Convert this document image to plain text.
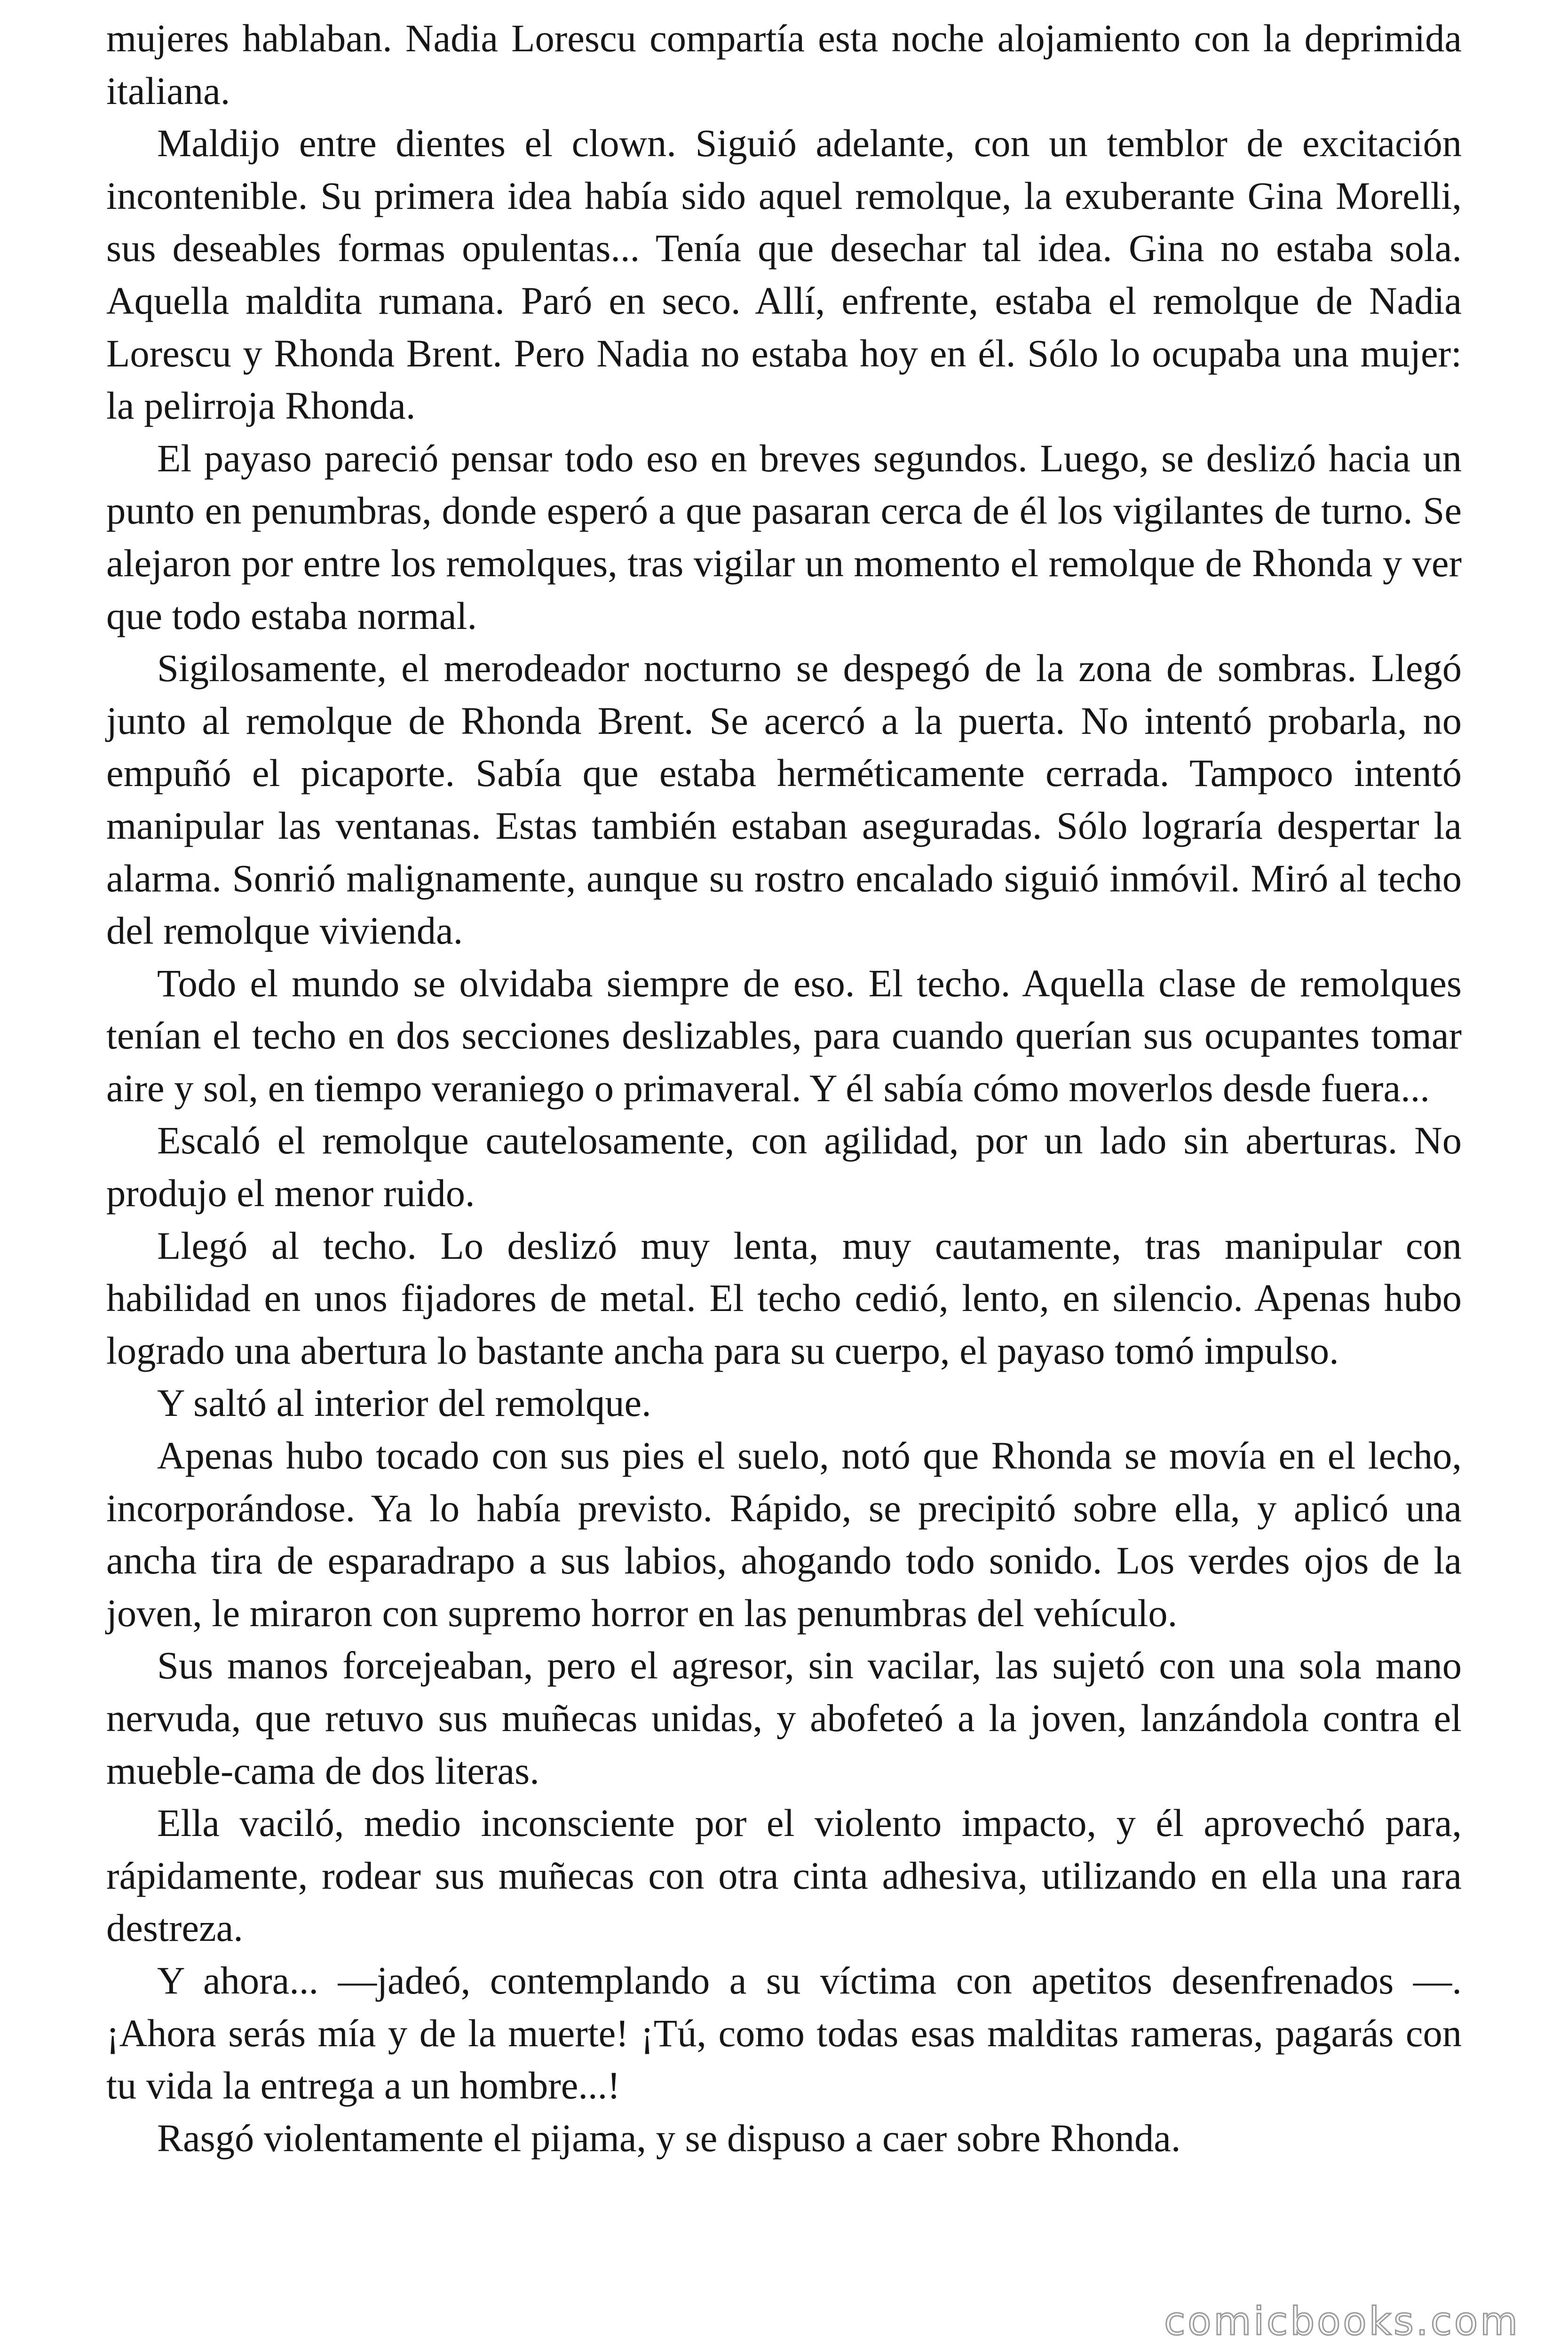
mujeres hablaban. Nadia Lorescu compartía esta noche alojamiento con la deprimida italiana.

Maldijo entre dientes el clown. Siguió adelante, con un temblor de excitación incontenible. Su primera idea había sido aquel remolque, la exuberante Gina Morelli, sus deseables formas opulentas... Tenía que desechar tal idea. Gina no estaba sola. Aquella maldita rumana. Paró en seco. Allí, enfrente, estaba el remolque de Nadia Lorescu y Rhonda Brent. Pero Nadia no estaba hoy en él. Sólo lo ocupaba una mujer: la pelirroja Rhonda.

El payaso pareció pensar todo eso en breves segundos. Luego, se deslizó hacia un punto en penumbras, donde esperó a que pasaran cerca de él los vigilantes de turno. Se alejaron por entre los remolques, tras vigilar un momento el remolque de Rhonda y ver que todo estaba normal.

Sigilosamente, el merodeador nocturno se despegó de la zona de sombras. Llegó junto al remolque de Rhonda Brent. Se acercó a la puerta. No intentó probarla, no empuñó el picaporte. Sabía que estaba herméticamente cerrada. Tampoco intentó manipular las ventanas. Estas también estaban aseguradas. Sólo lograría despertar la alarma. Sonrió malignamente, aunque su rostro encalado siguió inmóvil. Miró al techo del remolque vivienda.

Todo el mundo se olvidaba siempre de eso. El techo. Aquella clase de remolques tenían el techo en dos secciones deslizables, para cuando querían sus ocupantes tomar aire y sol, en tiempo veraniego o primaveral. Y él sabía cómo moverlos desde fuera...

Escaló el remolque cautelosamente, con agilidad, por un lado sin aberturas. No produjo el menor ruido.

Llegó al techo. Lo deslizó muy lenta, muy cautamente, tras manipular con habilidad en unos fijadores de metal. El techo cedió, lento, en silencio. Apenas hubo logrado una abertura lo bastante ancha para su cuerpo, el payaso tomó impulso.

Y saltó al interior del remolque.

Apenas hubo tocado con sus pies el suelo, notó que Rhonda se movía en el lecho, incorporándose. Ya lo había previsto. Rápido, se precipitó sobre ella, y aplicó una ancha tira de esparadrapo a sus labios, ahogando todo sonido. Los verdes ojos de la joven, le miraron con supremo horror en las penumbras del vehículo.

Sus manos forcejeaban, pero el agresor, sin vacilar, las sujetó con una sola mano nervuda, que retuvo sus muñecas unidas, y abofeteó a la joven, lanzándola contra el mueble-cama de dos literas.

Ella vaciló, medio inconsciente por el violento impacto, y él aprovechó para, rápidamente, rodear sus muñecas con otra cinta adhesiva, utilizando en ella una rara destreza.

Y ahora... —jadeó, contemplando a su víctima con apetitos desenfrenados —. ¡Ahora serás mía y de la muerte! ¡Tú, como todas esas malditas rameras, pagarás con tu vida la entrega a un hombre...!

Rasgó violentamente el pijama, y se dispuso a caer sobre Rhonda.

comicbooks.com
